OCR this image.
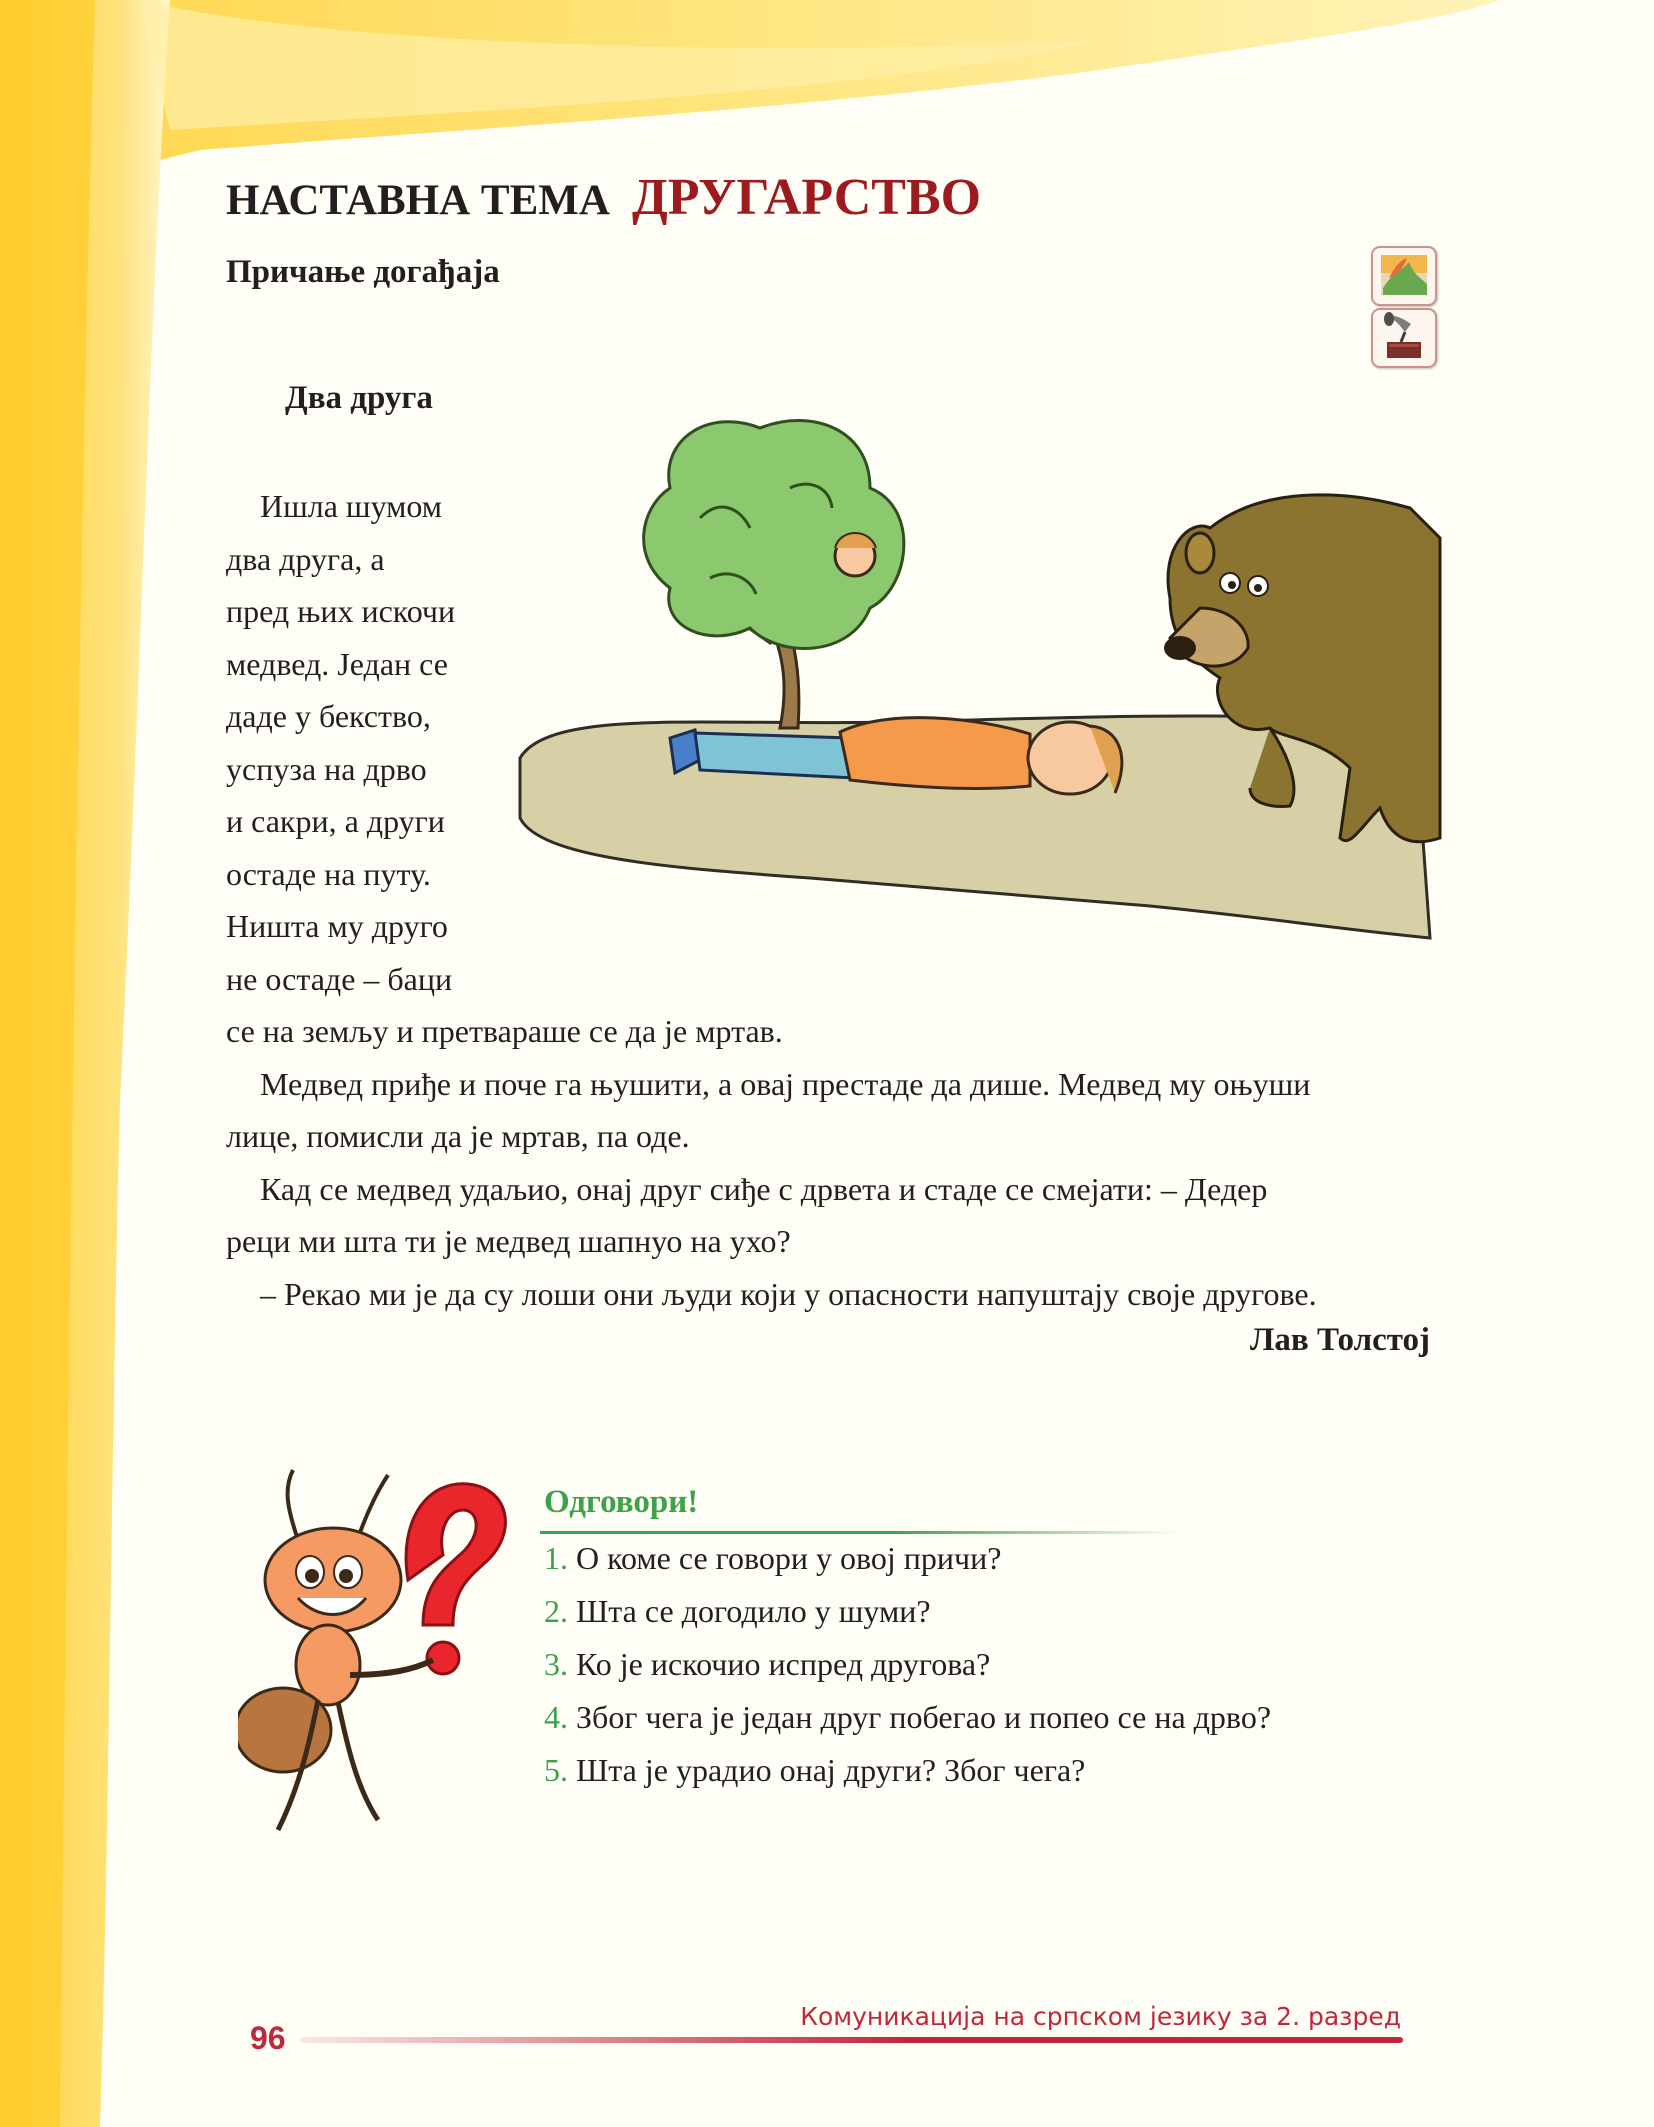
НАСТАВНА ТЕМА ДРУГАРСТВО
Причање догађаја
Два друга
Ишла шумом
два друга, а
пред њих искочи
медвед. Један се
даде у бекство,
успуза на дрво
и сакри, а други
остаде на путу.
Ништа му друго
не остаде – баци
се на земљу и претвараше се да је мртав.
Медвед приђе и поче га њушити, а овај престаде да дише. Медвед му оњуши
лице, помисли да је мртав, па оде.
Кад се медвед удаљио, онај друг сиђе с дрвета и стаде се смејати: – Дедер
реци ми шта ти је медвед шапнуо на ухо?
– Рекао ми је да су лоши они људи који у опасности напуштају своје другове.
Лав Толстој
Одговори!
1. О коме се говори у овој причи?
2. Шта се догодило у шуми?
3. Ко је искочио испред другова?
4. Због чега је један друг побегао и попео се на дрво?
5. Шта је урадио онај други? Због чега?
Комуникација на српском језику за 2. разред
96
